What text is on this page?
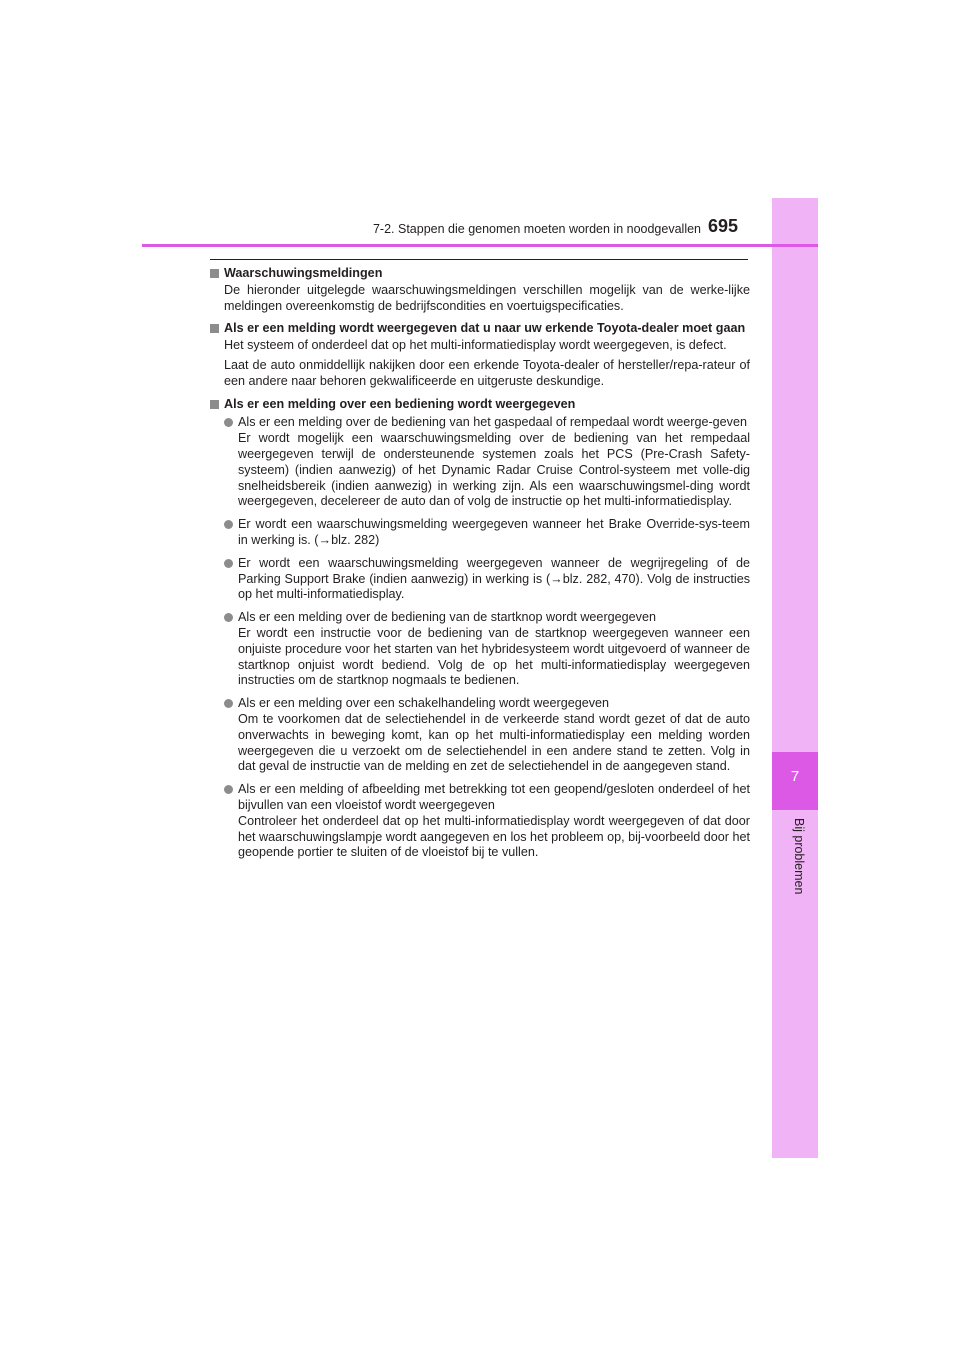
7
Bij problemen
7-2. Stappen die genomen moeten worden in noodgevallen 695
Waarschuwingsmeldingen
De hieronder uitgelegde waarschuwingsmeldingen verschillen mogelijk van de werke-lijke meldingen overeenkomstig de bedrijfscondities en voertuigspecificaties.
Als er een melding wordt weergegeven dat u naar uw erkende Toyota-dealer moet gaan
Het systeem of onderdeel dat op het multi-informatiedisplay wordt weergegeven, is defect.
Laat de auto onmiddellijk nakijken door een erkende Toyota-dealer of hersteller/repa-rateur of een andere naar behoren gekwalificeerde en uitgeruste deskundige.
Als er een melding over een bediening wordt weergegeven

Als er een melding over de bediening van het gaspedaal of rempedaal wordt weerge-geven

Er wordt mogelijk een waarschuwingsmelding over de bediening van het rempedaal weergegeven terwijl de ondersteunende systemen zoals het PCS (Pre-Crash Safety-systeem) (indien aanwezig) of het Dynamic Radar Cruise Control-systeem met volle-dig snelheidsbereik (indien aanwezig) in werking zijn. Als een waarschuwingsmel-ding wordt weergegeven, decelereer de auto dan of volg de instructie op het multi-informatiedisplay.

Er wordt een waarschuwingsmelding weergegeven wanneer het Brake Override-sys-teem in werking is. (→blz. 282)

Er wordt een waarschuwingsmelding weergegeven wanneer de wegrijregeling of de Parking Support Brake (indien aanwezig) in werking is (→blz. 282, 470). Volg de instructies op het multi-informatiedisplay.

Als er een melding over de bediening van de startknop wordt weergegeven

Er wordt een instructie voor de bediening van de startknop weergegeven wanneer een onjuiste procedure voor het starten van het hybridesysteem wordt uitgevoerd of wanneer de startknop onjuist wordt bediend. Volg de op het multi-informatiedisplay weergegeven instructies om de startknop nogmaals te bedienen.

Als er een melding over een schakelhandeling wordt weergegeven

Om te voorkomen dat de selectiehendel in de verkeerde stand wordt gezet of dat de auto onverwachts in beweging komt, kan op het multi-informatiedisplay een melding worden weergegeven die u verzoekt om de selectiehendel in een andere stand te zetten. Volg in dat geval de instructie van de melding en zet de selectiehendel in de aangegeven stand.

Als er een melding of afbeelding met betrekking tot een geopend/gesloten onderdeel of het bijvullen van een vloeistof wordt weergegeven

Controleer het onderdeel dat op het multi-informatiedisplay wordt weergegeven of dat door het waarschuwingslampje wordt aangegeven en los het probleem op, bij-voorbeeld door het geopende portier te sluiten of de vloeistof bij te vullen.
